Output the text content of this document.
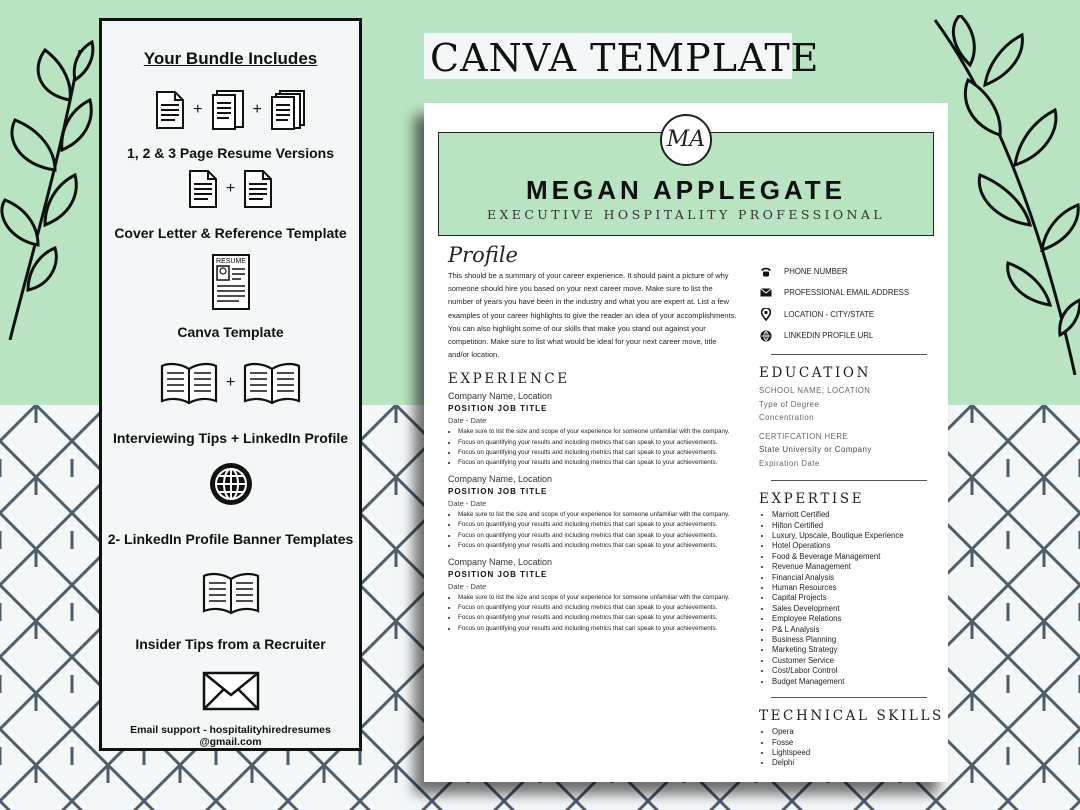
CANVA TEMPLATE
Your Bundle Includes
+	+
1, 2 & 3 Page Resume Versions
+
Cover Letter & Reference Template
RESUME
Canva Template
+
Interviewing Tips + LinkedIn Profile
2- LinkedIn Profile Banner Templates
Insider Tips from a Recruiter
Email support - hospitalityhiredresumes @gmail.com
MA
MEGAN APPLEGATE
EXECUTIVE HOSPITALITY PROFESSIONAL
Profile
This should be a summary of your career experience. It should paint a picture of why someone should hire you based on your next career move. Make sure to list the number of years you have been in the industry and what you are expert at. List a few examples of your career highlights to give the reader an idea of your accomplishments. You can also highlight some of our skills that make you stand out against your competition. Make sure to list what would be ideal for your next career move, title and/or location.
EXPERIENCE
Company Name, Location
POSITION JOB TITLE
Date - Date
• Make sure to list the size and scope of your experience for someone unfamiliar with the company.
• Focus on quantifying your results and including metrics that can speak to your achievements.
• Focus on quantifying your results and including metrics that can speak to your achievements.
• Focus on quantifying your results and including metrics that can speak to your achievements.
Company Name, Location
POSITION JOB TITLE
Date - Date
• Make sure to list the size and scope of your experience for someone unfamiliar with the company.
• Focus on quantifying your results and including metrics that can speak to your achievements.
• Focus on quantifying your results and including metrics that can speak to your achievements.
• Focus on quantifying your results and including metrics that can speak to your achievements.
Company Name, Location
POSITION JOB TITLE
Date - Date
• Make sure to list the size and scope of your experience for someone unfamiliar with the company.
• Focus on quantifying your results and including metrics that can speak to your achievements.
• Focus on quantifying your results and including metrics that can speak to your achievements.
• Focus on quantifying your results and including metrics that can speak to your achievements.
PHONE NUMBER
PROFESSIONAL EMAIL ADDRESS
LOCATION - CITY/STATE
LINKEDIN PROFILE URL
EDUCATION
SCHOOL NAME, LOCATION
Type of Degree
Concentration
CERTIFCATION HERE
State University or Company
Expiration Date
EXPERTISE
• Marriott Certified
• Hilton Certified
• Luxury, Upscale, Boutique Experience
• Hotel Operations
• Food & Beverage Management
• Revenue Management
• Financial Analysis
• Human Resources
• Capital Projects
• Sales Development
• Employee Relations
• P& L Analysis
• Business Planning
• Marketing Strategy
• Customer Service
• Cost/Labor Control
• Budget Management
TECHNICAL SKILLS
• Opera
• Fosse
• Lightspeed
• Delphi
